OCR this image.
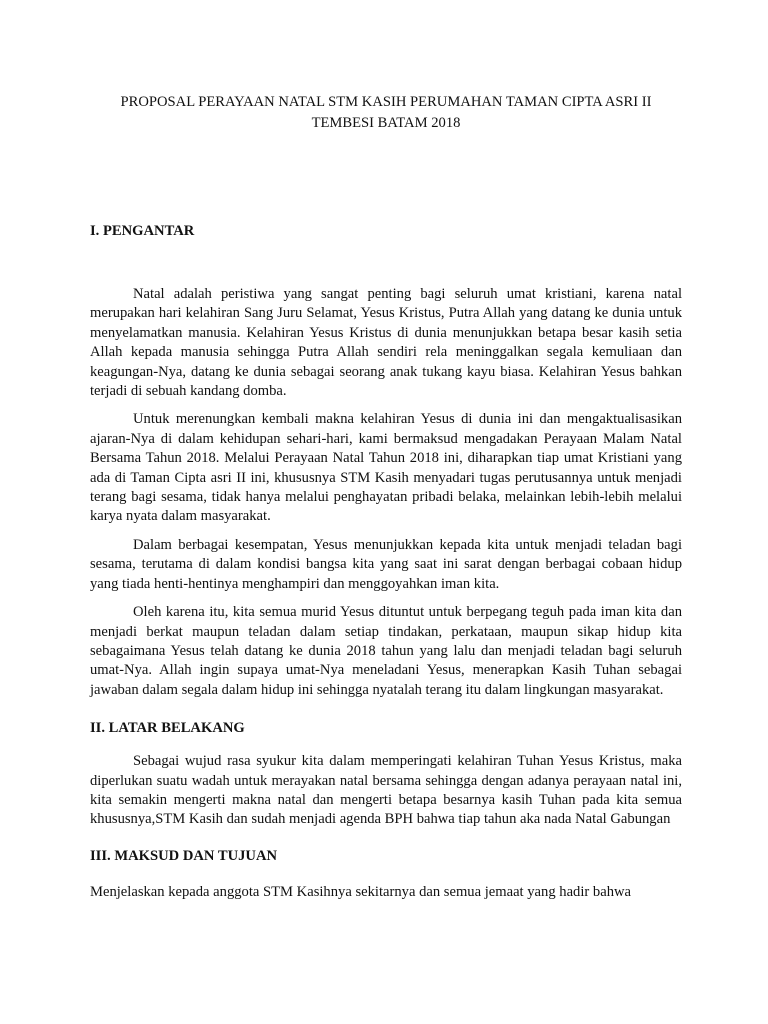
PROPOSAL PERAYAAN NATAL STM KASIH PERUMAHAN TAMAN CIPTA ASRI II TEMBESI BATAM 2018

I. PENGANTAR

Natal adalah peristiwa yang sangat penting bagi seluruh umat kristiani, karena natal merupakan hari kelahiran Sang Juru Selamat, Yesus Kristus, Putra Allah yang datang ke dunia untuk menyelamatkan manusia. Kelahiran Yesus Kristus di dunia menunjukkan betapa besar kasih setia Allah kepada manusia sehingga Putra Allah sendiri rela meninggalkan segala kemuliaan dan keagungan-Nya, datang ke dunia sebagai seorang anak tukang kayu biasa. Kelahiran Yesus bahkan terjadi di sebuah kandang domba.

Untuk merenungkan kembali makna kelahiran Yesus di dunia ini dan mengaktualisasikan ajaran-Nya di dalam kehidupan sehari-hari, kami bermaksud mengadakan Perayaan Malam Natal Bersama Tahun 2018. Melalui Perayaan Natal Tahun 2018 ini, diharapkan tiap umat Kristiani yang ada di Taman Cipta asri II ini, khususnya STM Kasih menyadari tugas perutusannya untuk menjadi terang bagi sesama, tidak hanya melalui penghayatan pribadi belaka, melainkan lebih-lebih melalui karya nyata dalam masyarakat.

Dalam berbagai kesempatan, Yesus menunjukkan kepada kita untuk menjadi teladan bagi sesama, terutama di dalam kondisi bangsa kita yang saat ini sarat dengan berbagai cobaan hidup yang tiada henti-hentinya menghampiri dan menggoyahkan iman kita.

Oleh karena itu, kita semua murid Yesus dituntut untuk berpegang teguh pada iman kita dan menjadi berkat maupun teladan dalam setiap tindakan, perkataan, maupun sikap hidup kita sebagaimana Yesus telah datang ke dunia 2018 tahun yang lalu dan menjadi teladan bagi seluruh umat-Nya. Allah ingin supaya umat-Nya meneladani Yesus, menerapkan Kasih Tuhan sebagai jawaban dalam segala dalam hidup ini sehingga nyatalah terang itu dalam lingkungan masyarakat.

II. LATAR BELAKANG

Sebagai wujud rasa syukur kita dalam memperingati kelahiran Tuhan Yesus Kristus, maka diperlukan suatu wadah untuk merayakan natal bersama sehingga dengan adanya perayaan natal ini, kita semakin mengerti makna natal dan mengerti betapa besarnya kasih Tuhan pada kita semua khususnya,STM Kasih dan sudah menjadi agenda BPH bahwa tiap tahun aka nada Natal Gabungan

III. MAKSUD DAN TUJUAN

Menjelaskan kepada anggota STM Kasihnya sekitarnya dan semua jemaat yang hadir bahwa
